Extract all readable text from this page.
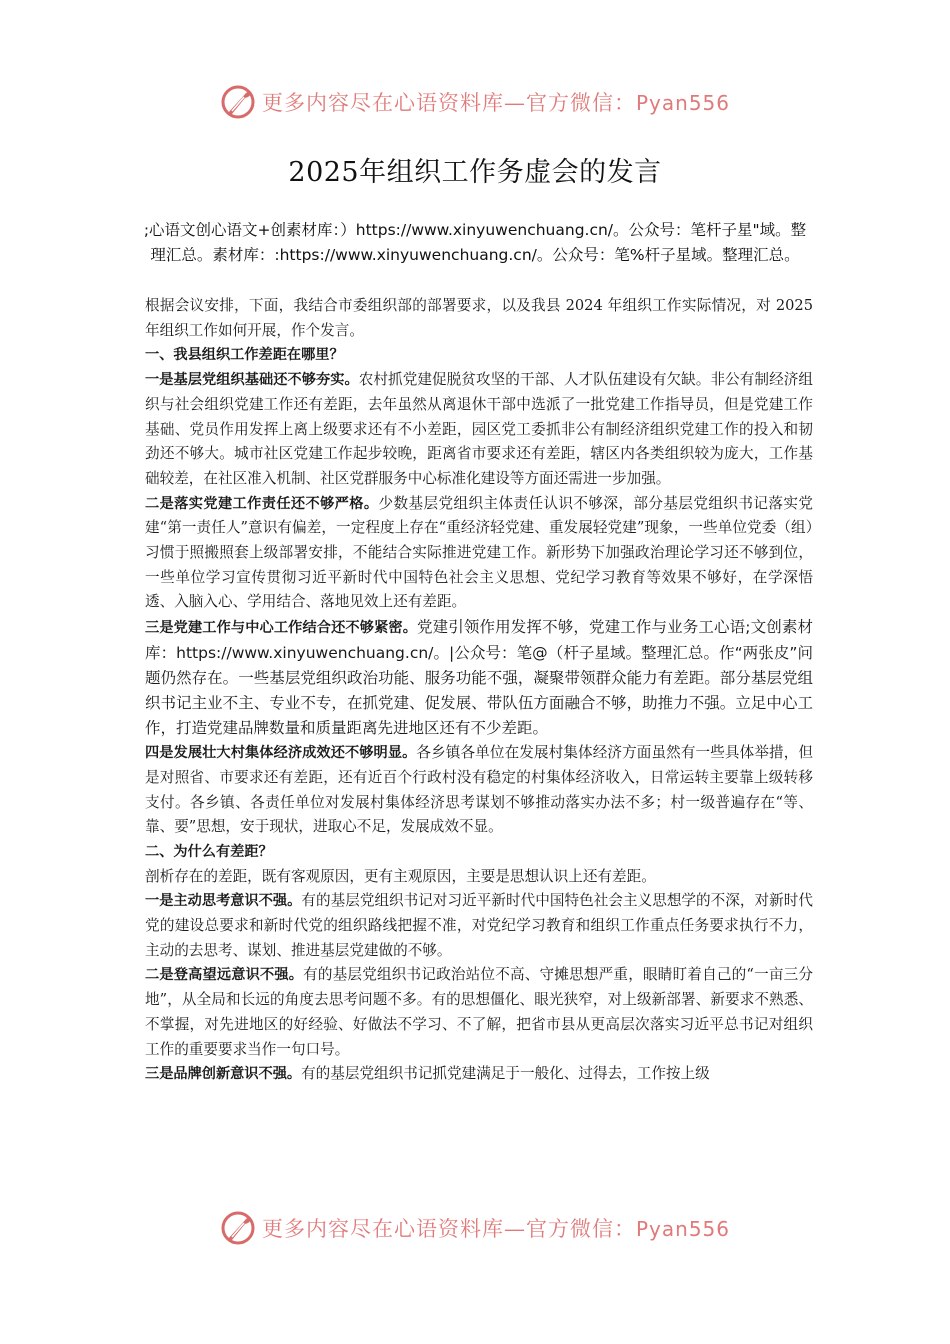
更多内容尽在心语资料库—官方微信：Pyan556
2025年组织工作务虚会的发言
;心语文创心语文+创素材库：）https://www.xinyuwenchuang.cn/。公众号：笔杆子星"域。整理汇总。素材库：:https://www.xinyuwenchuang.cn/。公众号：笔%杆子星域。整理汇总。

根据会议安排，下面，我结合市委组织部的部署要求，以及我县 2024 年组织工作实际情况，对 2025 年组织工作如何开展，作个发言。

一、我县组织工作差距在哪里？

一是基层党组织基础还不够夯实。农村抓党建促脱贫攻坚的干部、人才队伍建设有欠缺。非公有制经济组织与社会组织党建工作还有差距，去年虽然从离退休干部中选派了一批党建工作指导员，但是党建工作基础、党员作用发挥上离上级要求还有不小差距，园区党工委抓非公有制经济组织党建工作的投入和韧劲还不够大。城市社区党建工作起步较晚，距离省市要求还有差距，辖区内各类组织较为庞大，工作基础较差，在社区准入机制、社区党群服务中心标准化建设等方面还需进一步加强。

二是落实党建工作责任还不够严格。少数基层党组织主体责任认识不够深，部分基层党组织书记落实党建“第一责任人”意识有偏差，一定程度上存在“重经济轻党建、重发展轻党建”现象，一些单位党委（组）习惯于照搬照套上级部署安排，不能结合实际推进党建工作。新形势下加强政治理论学习还不够到位，一些单位学习宣传贯彻习近平新时代中国特色社会主义思想、党纪学习教育等效果不够好，在学深悟透、入脑入心、学用结合、落地见效上还有差距。

三是党建工作与中心工作结合还不够紧密。党建引领作用发挥不够，党建工作与业务工心语;文创素材库：https://www.xinyuwenchuang.cn/。|公众号：笔@（杆子星域。整理汇总。作“两张皮”问题仍然存在。一些基层党组织政治功能、服务功能不强，凝聚带领群众能力有差距。部分基层党组织书记主业不主、专业不专，在抓党建、促发展、带队伍方面融合不够，助推力不强。立足中心工作，打造党建品牌数量和质量距离先进地区还有不少差距。

四是发展壮大村集体经济成效还不够明显。各乡镇各单位在发展村集体经济方面虽然有一些具体举措，但是对照省、市要求还有差距，还有近百个行政村没有稳定的村集体经济收入，日常运转主要靠上级转移支付。各乡镇、各责任单位对发展村集体经济思考谋划不够推动落实办法不多；村一级普遍存在“等、靠、要”思想，安于现状，进取心不足，发展成效不显。

二、为什么有差距？

剖析存在的差距，既有客观原因，更有主观原因，主要是思想认识上还有差距。

一是主动思考意识不强。有的基层党组织书记对习近平新时代中国特色社会主义思想学的不深，对新时代党的建设总要求和新时代党的组织路线把握不准，对党纪学习教育和组织工作重点任务要求执行不力，主动的去思考、谋划、推进基层党建做的不够。

二是登高望远意识不强。有的基层党组织书记政治站位不高、守摊思想严重，眼睛盯着自己的“一亩三分地”，从全局和长远的角度去思考问题不多。有的思想僵化、眼光狭窄，对上级新部署、新要求不熟悉、不掌握，对先进地区的好经验、好做法不学习、不了解，把省市县从更高层次落实习近平总书记对组织工作的重要要求当作一句口号。

三是品牌创新意识不强。有的基层党组织书记抓党建满足于一般化、过得去，工作按上级

更多内容尽在心语资料库—官方微信：Pyan556
